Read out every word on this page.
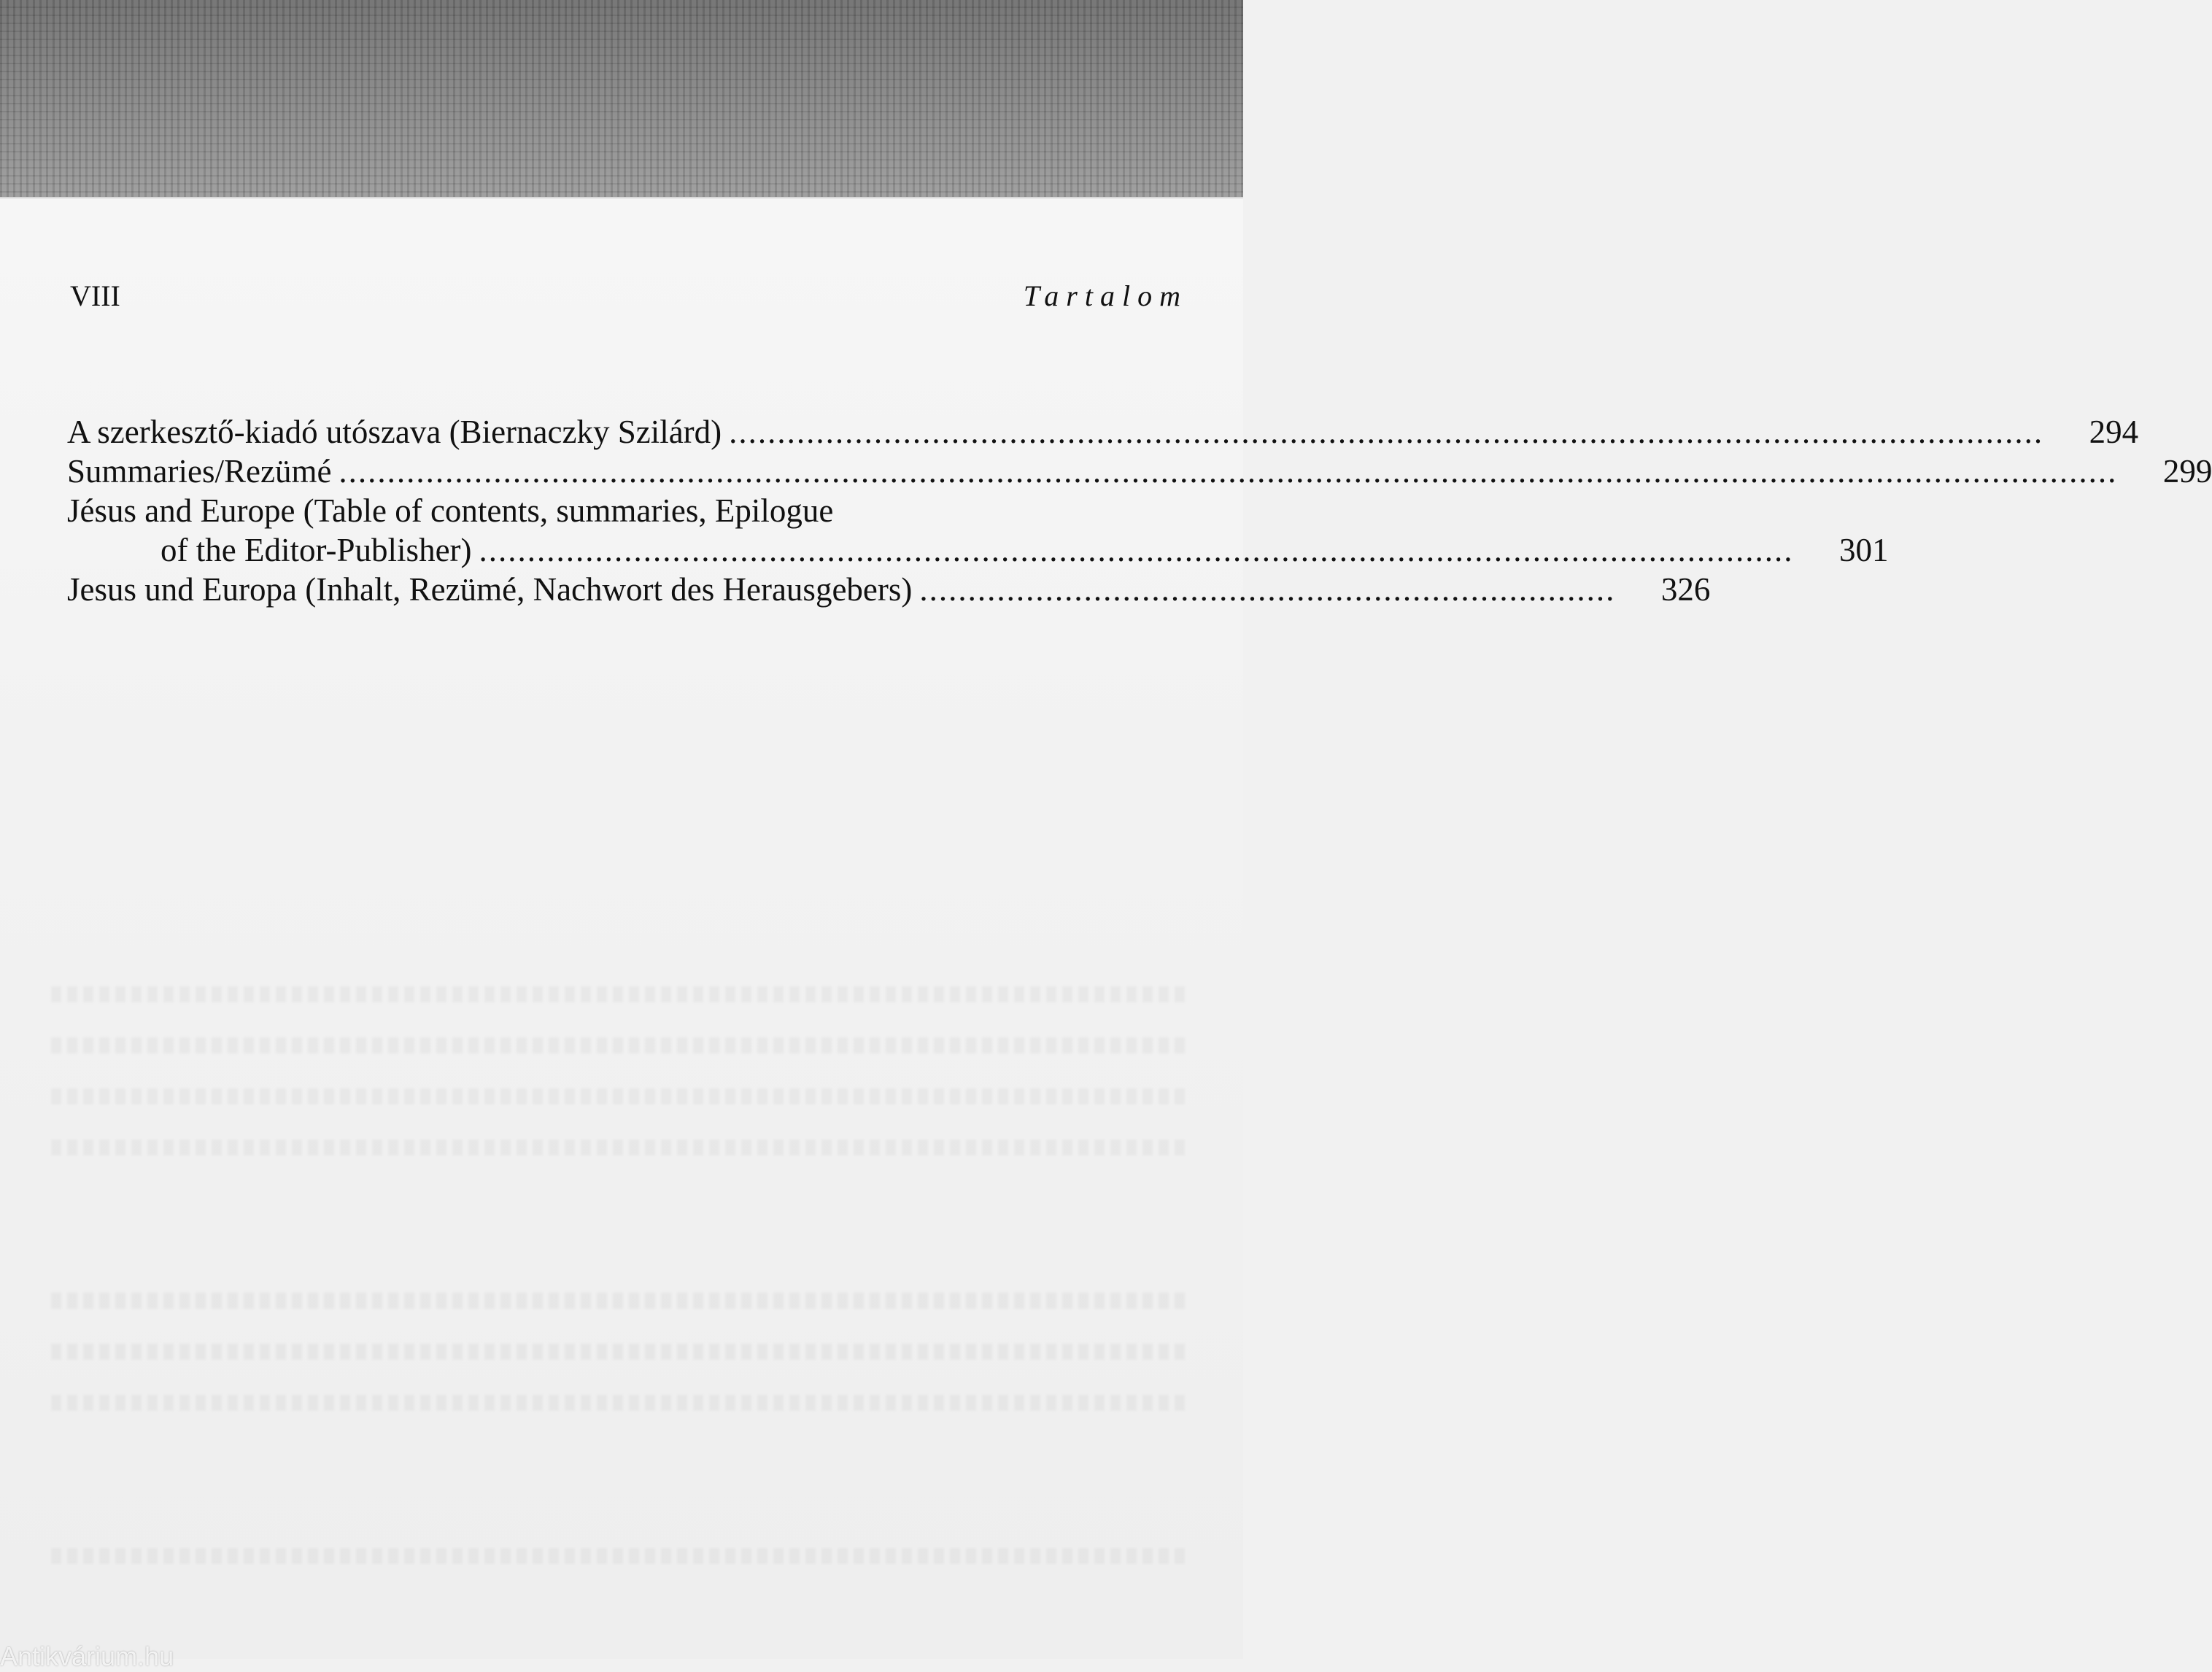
VIII	Tartalom
A szerkesztő-kiadó utószava (Biernaczky Szilárd) ........................................................................................................................................	294
Summaries/Rezümé ........................................................................................................................................................................................	299
Jésus and Europe (Table of contents, summaries, Epilogue
of the Editor-Publisher) ........................................................................................................................................	301
Jesus und Europa (Inhalt, Rezümé, Nachwort des Herausgebers) ........................................................................	326
Antikvárium.hu
